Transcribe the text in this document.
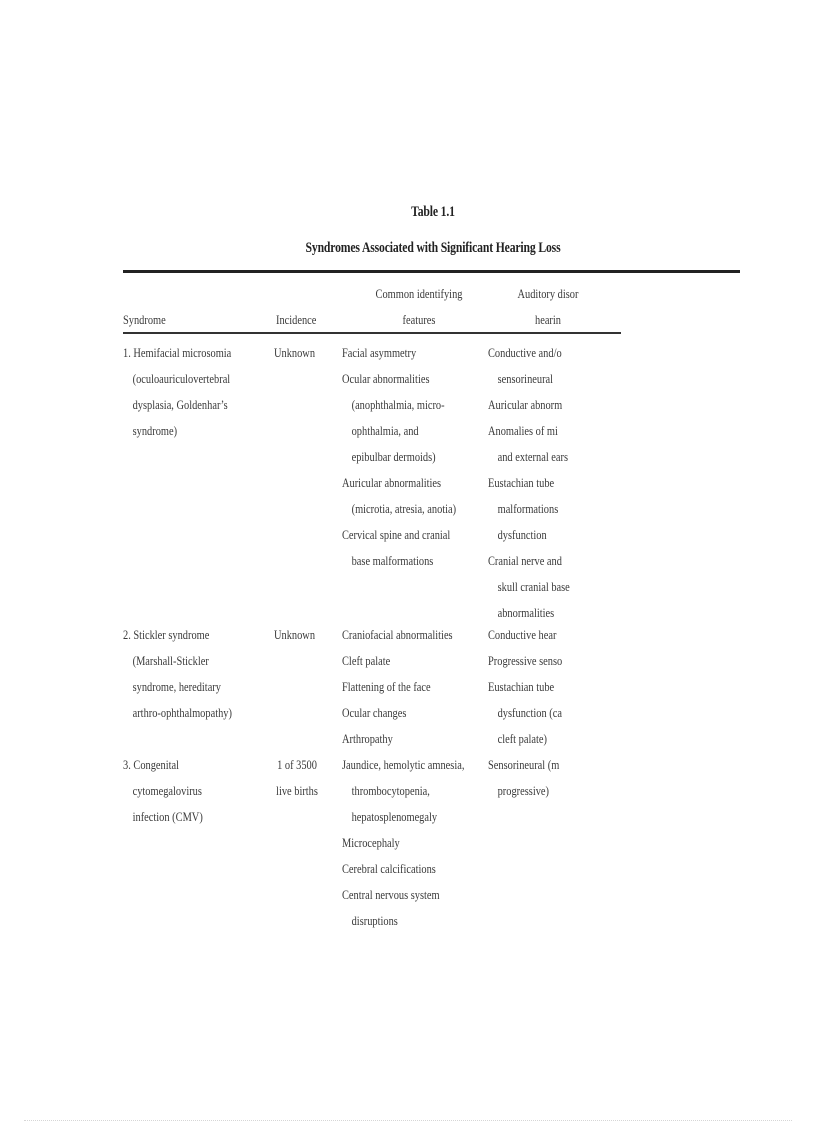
Table 1.1
Syndromes Associated with Significant Hearing Loss
Syndrome	Incidence
Common identifying
features
Auditory disor
hearin
1. Hemifacial microsomia
(oculoauriculovertebral
dysplasia, Goldenhar’s
syndrome)
Unknown Facial asymmetry
Ocular abnormalities
(anophthalmia, micro-
ophthalmia, and
epibulbar dermoids)
Auricular abnormalities
(microtia, atresia, anotia)
Cervical spine and cranial
base malformations
Conductive and/o
sensorineural
Auricular abnorm
Anomalies of mi
and external ears
Eustachian tube
malformations
dysfunction
Cranial nerve and
skull cranial base
abnormalities
2. Stickler syndrome
(Marshall-Stickler
syndrome, hereditary
arthro-ophthalmopathy)
Unknown Craniofacial abnormalities
Cleft palate
Flattening of the face
Ocular changes
Arthropathy
Conductive hear
Progressive senso
Eustachian tube
dysfunction (ca
cleft palate)
3. Congenital
cytomegalovirus
infection (CMV)
1 of 3500
live births
Jaundice, hemolytic amnesia,
thrombocytopenia,
hepatosplenomegaly
Microcephaly
Cerebral calcifications
Central nervous system
disruptions
Sensorineural (m
progressive)
